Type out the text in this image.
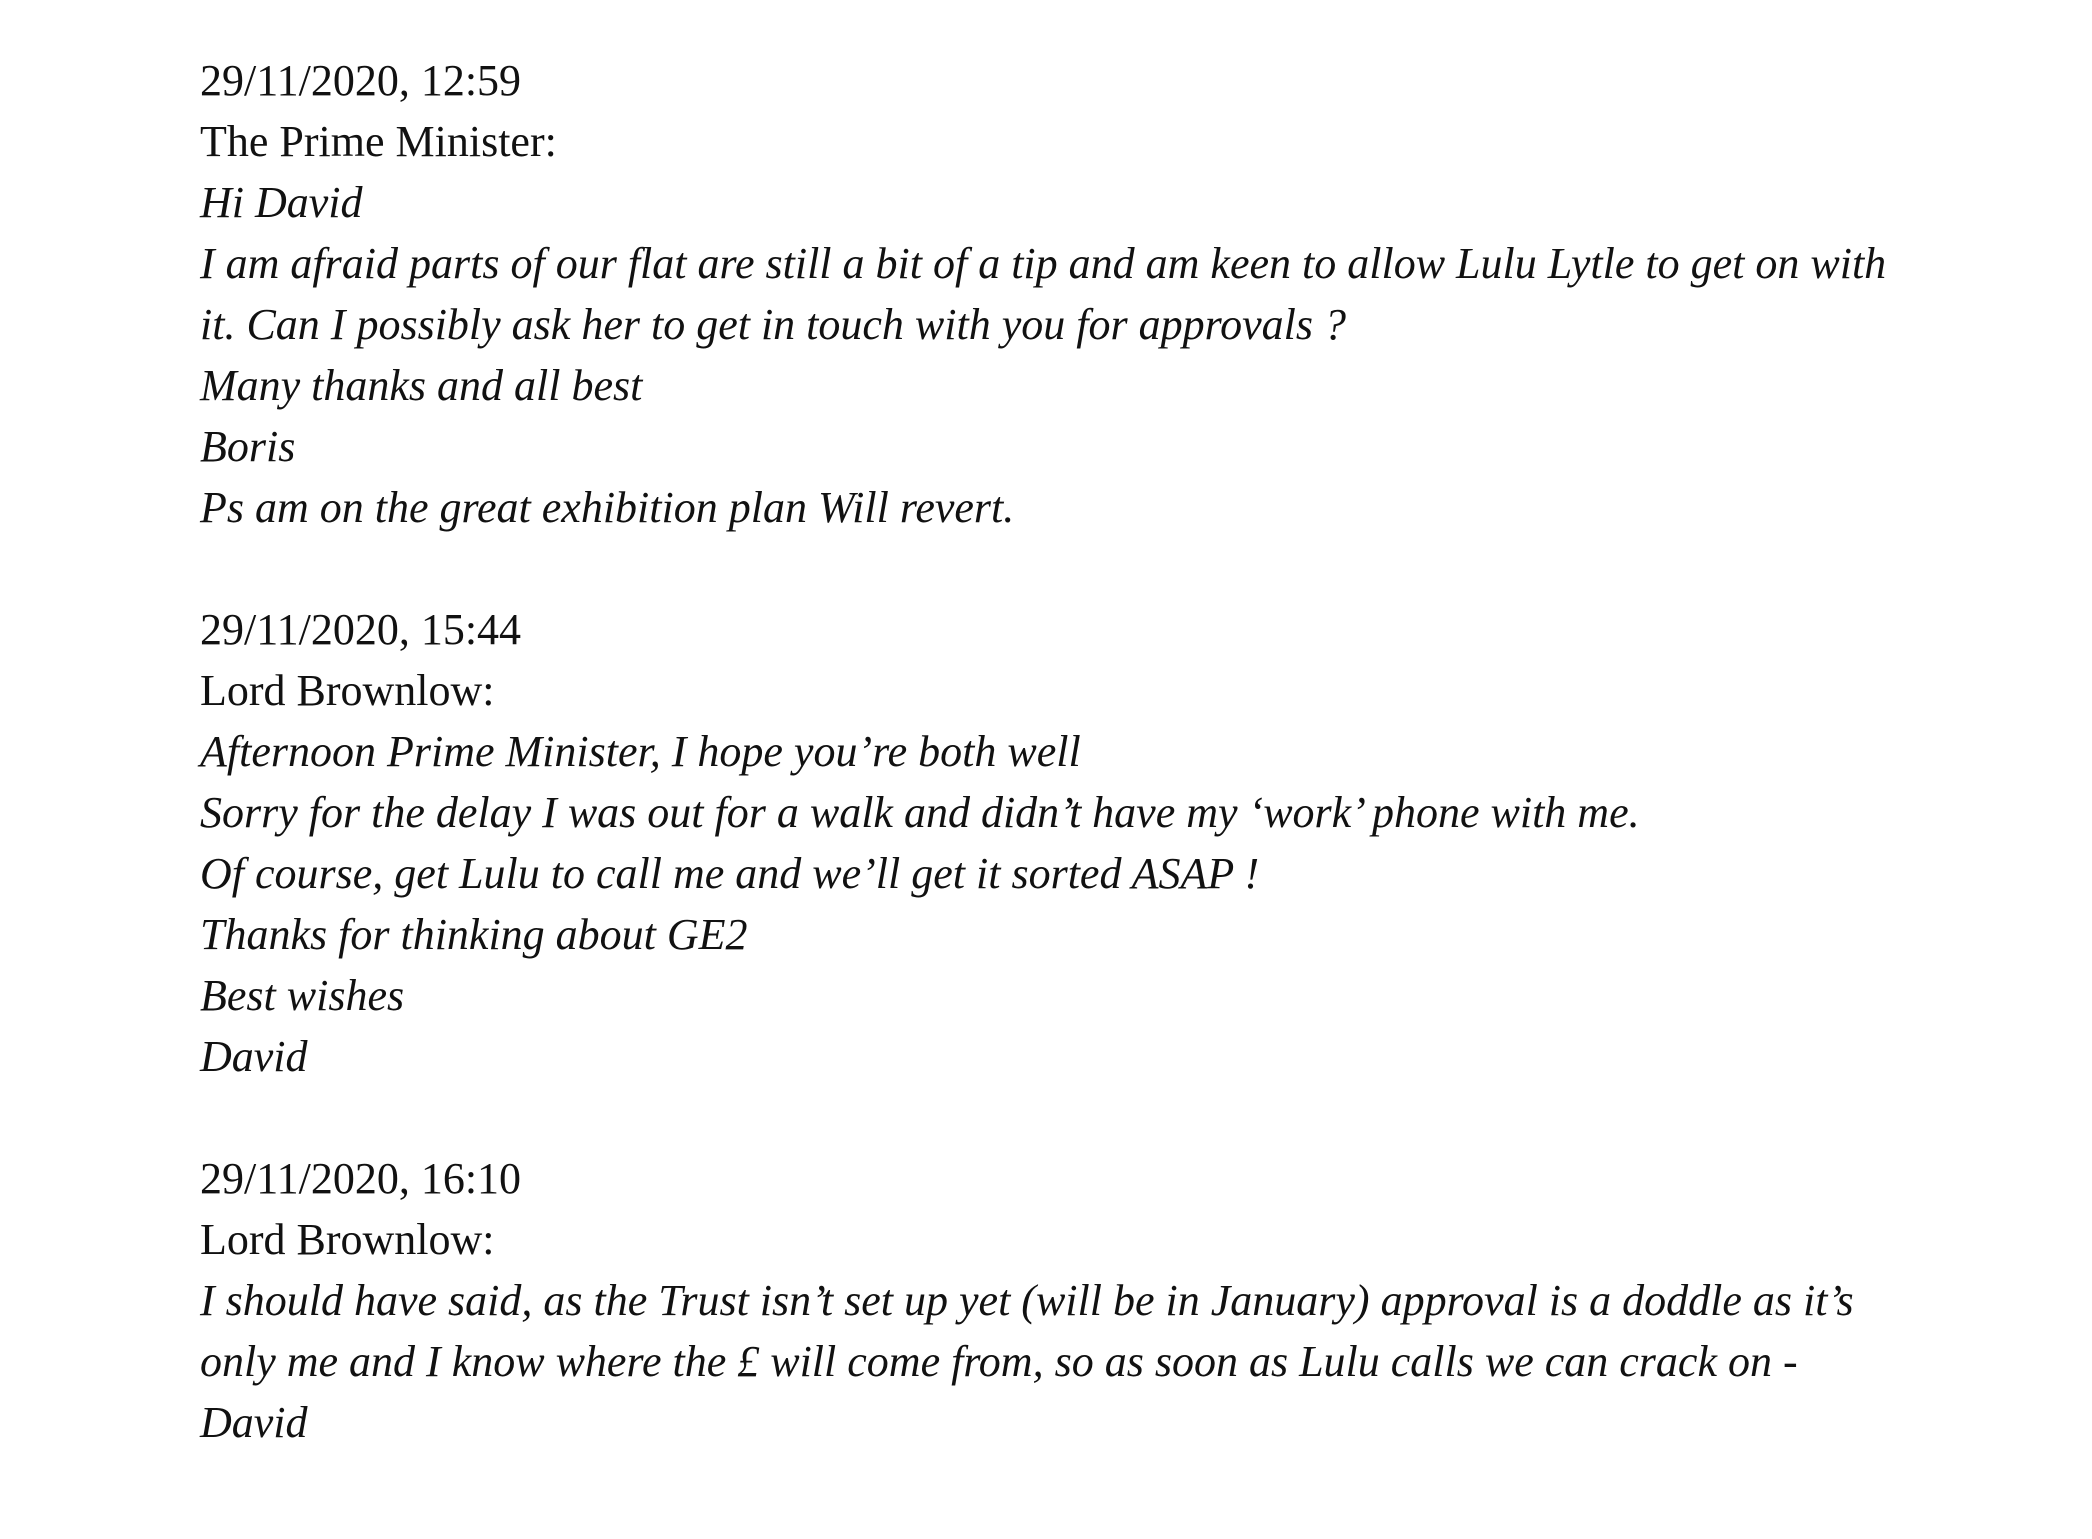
29/11/2020, 12:59
The Prime Minister:
Hi David
I am afraid parts of our flat are still a bit of a tip and am keen to allow Lulu Lytle to get on with
it. Can I possibly ask her to get in touch with you for approvals ?
Many thanks and all best
Boris
Ps am on the great exhibition plan Will revert.
29/11/2020, 15:44
Lord Brownlow:
Afternoon Prime Minister, I hope you’re both well
Sorry for the delay I was out for a walk and didn’t have my ‘work’ phone with me.
Of course, get Lulu to call me and we’ll get it sorted ASAP !
Thanks for thinking about GE2
Best wishes
David
29/11/2020, 16:10
Lord Brownlow:
I should have said, as the Trust isn’t set up yet (will be in January) approval is a doddle as it’s
only me and I know where the £ will come from, so as soon as Lulu calls we can crack on -
David
